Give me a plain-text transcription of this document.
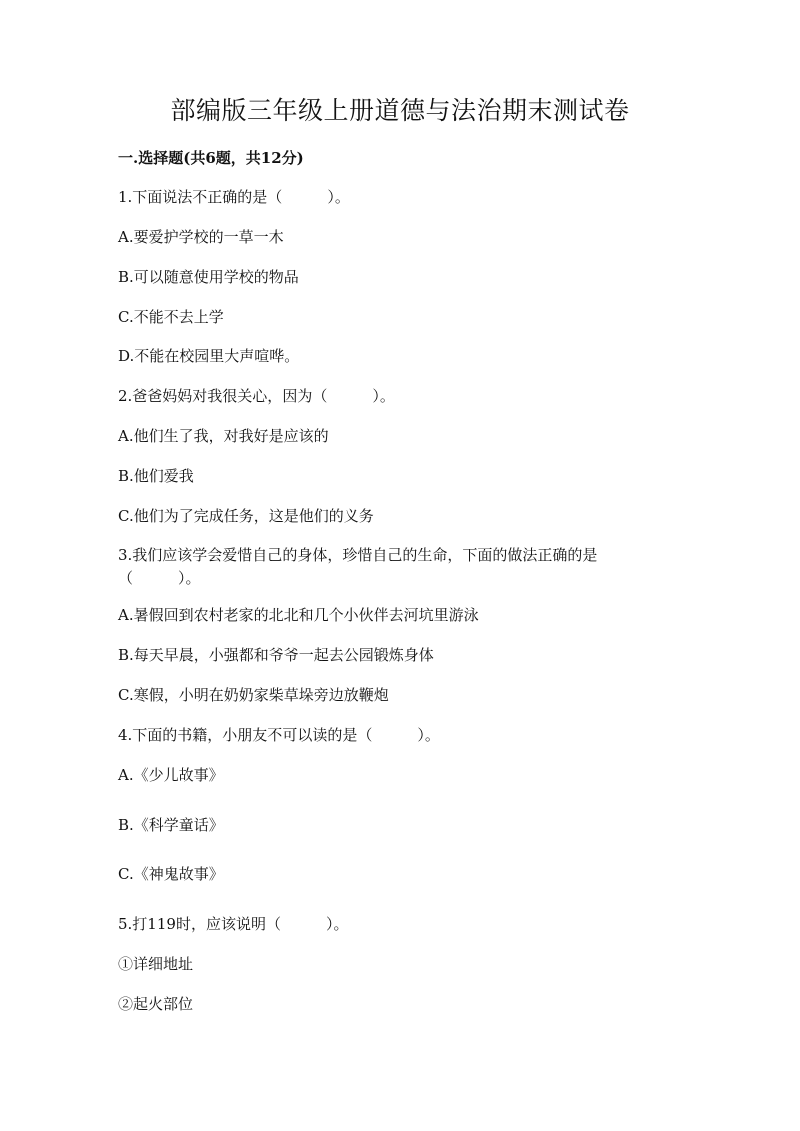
部编版三年级上册道德与法治期末测试卷
一.选择题(共6题，共12分)
1.下面说法不正确的是（　　　）。
A.要爱护学校的一草一木
B.可以随意使用学校的物品
C.不能不去上学
D.不能在校园里大声喧哗。
2.爸爸妈妈对我很关心，因为（　　　）。
A.他们生了我，对我好是应该的
B.他们爱我
C.他们为了完成任务，这是他们的义务
3.我们应该学会爱惜自己的身体，珍惜自己的生命，下面的做法正确的是（　　　）。
A.暑假回到农村老家的北北和几个小伙伴去河坑里游泳
B.每天早晨，小强都和爷爷一起去公园锻炼身体
C.寒假，小明在奶奶家柴草垛旁边放鞭炮
4.下面的书籍，小朋友不可以读的是（　　　）。
A.《少儿故事》
B.《科学童话》
C.《神鬼故事》
5.打119时，应该说明（　　　）。
①详细地址
②起火部位
